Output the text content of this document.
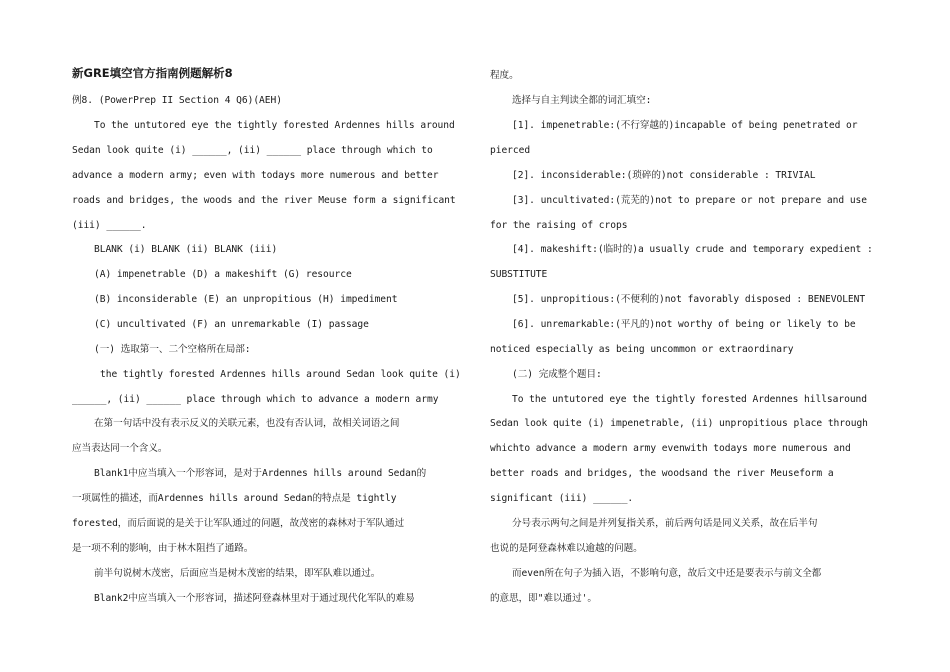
新GRE填空官方指南例题解析8
例8. (PowerPrep II Section 4 Q6)(AEH)
To the untutored eye the tightly forested Ardennes hills around
Sedan look quite (i) ______, (ii) ______ place through which to
advance a modern army; even with todays more numerous and better
roads and bridges, the woods and the river Meuse form a significant
(iii) ______.
BLANK (i) BLANK (ii) BLANK (iii)
(A) impenetrable (D) a makeshift (G) resource
(B) inconsiderable (E) an unpropitious (H) impediment
(C) uncultivated (F) an unremarkable (I) passage
(一) 选取第一、二个空格所在局部:
the tightly forested Ardennes hills around Sedan look quite (i)
______, (ii) ______ place through which to advance a modern army
在第一句话中没有表示反义的关联元素，也没有否认词，故相关词语之间
应当表达同一个含义。
Blank1中应当填入一个形容词，是对于Ardennes hills around Sedan的
一项属性的描述，而Ardennes hills around Sedan的特点是 tightly
forested，而后面说的是关于让军队通过的问题，故茂密的森林对于军队通过
是一项不利的影响，由于林木阻挡了通路。
前半句说树木茂密，后面应当是树木茂密的结果，即军队难以通过。
Blank2中应当填入一个形容词，描述阿登森林里对于通过现代化军队的难易
程度。
选择与自主判读全都的词汇填空:
[1]. impenetrable:(不行穿越的)incapable of being penetrated or
pierced
[2]. inconsiderable:(琐碎的)not considerable : TRIVIAL
[3]. uncultivated:(荒芜的)not to prepare or not prepare and use
for the raising of crops
[4]. makeshift:(临时的)a usually crude and temporary expedient :
SUBSTITUTE
[5]. unpropitious:(不便利的)not favorably disposed : BENEVOLENT
[6]. unremarkable:(平凡的)not worthy of being or likely to be
noticed especially as being uncommon or extraordinary
(二) 完成整个题目:
To the untutored eye the tightly forested Ardennes hillsaround
Sedan look quite (i) impenetrable, (ii) unpropitious place through
whichto advance a modern army evenwith todays more numerous and
better roads and bridges, the woodsand the river Meuseform a
significant (iii) ______.
分号表示两句之间是并列复指关系，前后两句话是同义关系，故在后半句
也说的是阿登森林难以逾越的问题。
而even所在句子为插入语，不影响句意，故后文中还是要表示与前文全都
的意思，即"难以通过'。
